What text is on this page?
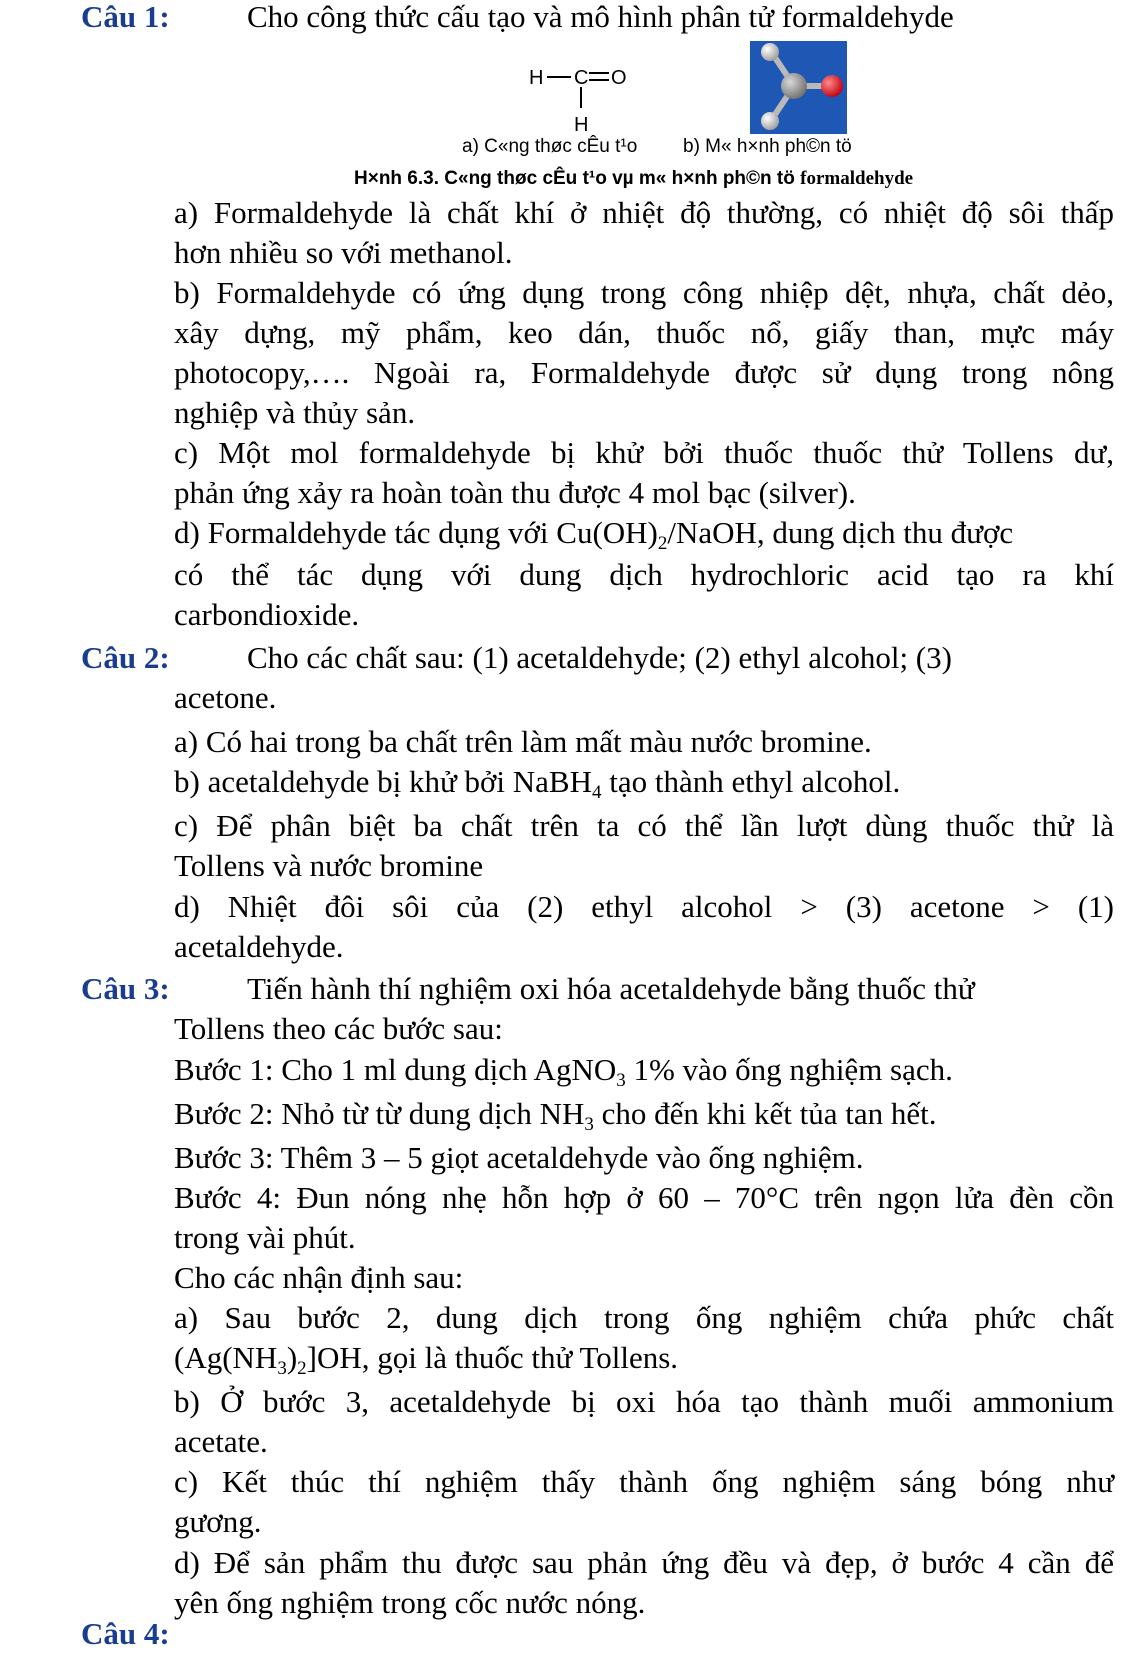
Câu 1: Cho công thức cấu tạo và mô hình phân tử formaldehyde
H C O
H
a) C«ng thøc cÊu t¹o b) M« h×nh ph©n tö
H×nh 6.3. C«ng thøc cÊu t¹o vµ m« h×nh ph©n tö formaldehyde
a) Formaldehyde là chất khí ở nhiệt độ thường, có nhiệt độ sôi thấp
hơn nhiều so với methanol.
b) Formaldehyde có ứng dụng trong công nhiệp dệt, nhựa, chất dẻo,
xây dựng, mỹ phẩm, keo dán, thuốc nổ, giấy than, mực máy
photocopy,…. Ngoài ra, Formaldehyde được sử dụng trong nông
nghiệp và thủy sản.
c) Một mol formaldehyde bị khử bởi thuốc thuốc thử Tollens dư,
phản ứng xảy ra hoàn toàn thu được 4 mol bạc (silver).
d) Formaldehyde tác dụng với $Cu(OH)_2$/NaOH, dung dịch thu được
có thể tác dụng với dung dịch hydrochloric acid tạo ra khí
carbondioxide.
Câu 2: Cho các chất sau: (1) acetaldehyde; (2) ethyl alcohol; (3)
acetone.
a) Có hai trong ba chất trên làm mất màu nước bromine.
b) acetaldehyde bị khử bởi NaBH$_4$ tạo thành ethyl alcohol.
c) Để phân biệt ba chất trên ta có thể lần lượt dùng thuốc thử là
Tollens và nước bromine
d) Nhiệt đôi sôi của (2) ethyl alcohol > (3) acetone > (1)
acetaldehyde.
Câu 3: Tiến hành thí nghiệm oxi hóa acetaldehyde bằng thuốc thử
Tollens theo các bước sau:
Bước 1: Cho 1 ml dung dịch AgNO$_3$ 1% vào ống nghiệm sạch.
Bước 2: Nhỏ từ từ dung dịch $NH_3$ cho đến khi kết tủa tan hết.
Bước 3: Thêm 3 – 5 giọt acetaldehyde vào ống nghiệm.
Bước 4: Đun nóng nhẹ hỗn hợp ở 60 – 70°C trên ngọn lửa đèn cồn
trong vài phút.
Cho các nhận định sau:
a) Sau bước 2, dung dịch trong ống nghiệm chứa phức chất
$(Ag(NH_3)_2]OH$, gọi là thuốc thử Tollens.
b) Ở bước 3, acetaldehyde bị oxi hóa tạo thành muối ammonium
acetate.
c) Kết thúc thí nghiệm thấy thành ống nghiệm sáng bóng như
gương.
d) Để sản phẩm thu được sau phản ứng đều và đẹp, ở bước 4 cần để
yên ống nghiệm trong cốc nước nóng.
Câu 4:
